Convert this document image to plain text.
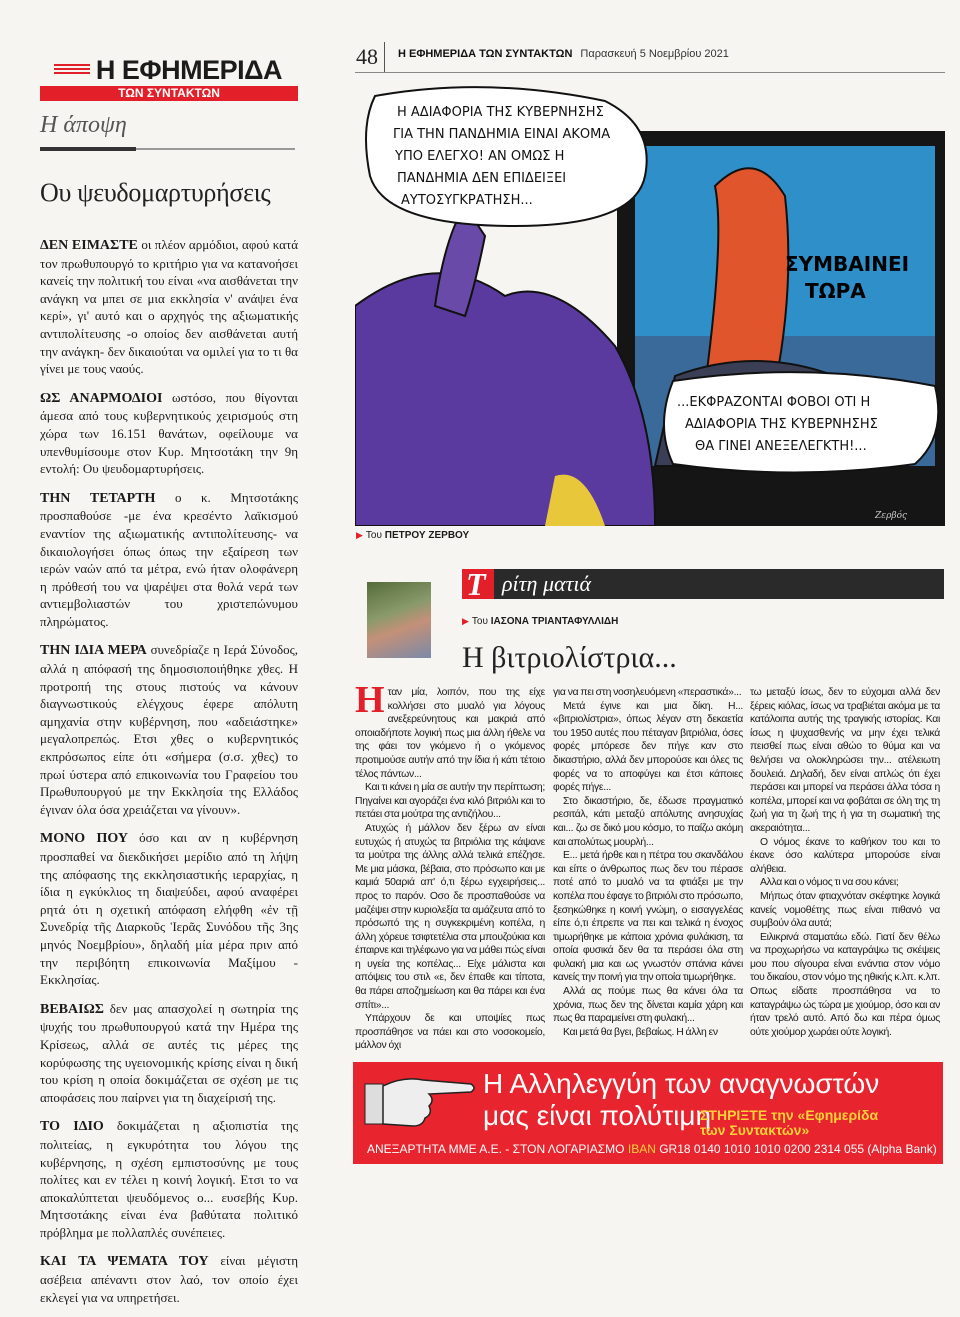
Η ΕΦΗΜΕΡΙΔΑ
ΤΩΝ ΣΥΝΤΑΚΤΩΝ
Η άποψη
Ου ψευδομαρτυρήσεις

ΔΕΝ ΕΙΜΑΣΤΕ οι πλέον αρμόδιοι, αφού κατά τον πρωθυπουργό το κριτήριο για να κατανοήσει κανείς την πολιτική του είναι «να αισθάνεται την ανάγκη να μπει σε μια εκκλησία ν' ανάψει ένα κερί», γι' αυτό και ο αρχηγός της αξιωματικής αντιπολίτευσης -ο οποίος δεν αισθάνεται αυτή την ανάγκη- δεν δικαιούται να ομιλεί για το τι θα γίνει με τους ναούς.

ΩΣ ΑΝΑΡΜΟΔΙΟΙ ωστόσο, που θίγονται άμεσα από τους κυβερνητικούς χειρισμούς στη χώρα των 16.151 θανάτων, οφείλουμε να υπενθυμίσουμε στον Κυρ. Μητσοτάκη την 9η εντολή: Ου ψευδομαρτυρήσεις.

ΤΗΝ ΤΕΤΑΡΤΗ ο κ. Μητσοτάκης προσπαθούσε -με ένα κρεσέντο λαϊκισμού εναντίον της αξιωματικής αντιπολίτευσης- να δικαιολογήσει όπως όπως την εξαίρεση των ιερών ναών από τα μέτρα, ενώ ήταν ολοφάνερη η πρόθεσή του να ψαρέψει στα θολά νερά των αντιεμβολιαστών του χριστεπώνυμου πληρώματος.

ΤΗΝ ΙΔΙΑ ΜΕΡΑ συνεδρίαζε η Ιερά Σύνοδος, αλλά η απόφασή της δημοσιοποιήθηκε χθες. Η προτροπή της στους πιστούς να κάνουν διαγνωστικούς ελέγχους έφερε απόλυτη αμηχανία στην κυβέρνηση, που «αδειάστηκε» μεγαλοπρεπώς. Ετσι χθες ο κυβερνητικός εκπρόσωπος είπε ότι «σήμερα (σ.σ. χθες) το πρωί ύστερα από επικοινωνία του Γραφείου του Πρωθυπουργού με την Εκκλησία της Ελλάδος έγιναν όλα όσα χρειάζεται να γίνουν».

ΜΟΝΟ ΠΟΥ όσο και αν η κυβέρνηση προσπαθεί να διεκδικήσει μερίδιο από τη λήψη της απόφασης της εκκλησιαστικής ιεραρχίας, η ίδια η εγκύκλιος τη διαψεύδει, αφού αναφέρει ρητά ότι η σχετική απόφαση ελήφθη «ἐν τῇ Συνεδρίᾳ τῆς Διαρκοῦς Ἱερᾶς Συνόδου τῆς 3ης μηνός Νοεμβρίου», δηλαδή μία μέρα πριν από την περιβόητη επικοινωνία Μαξίμου - Εκκλησίας.

ΒΕΒΑΙΩΣ δεν μας απασχολεί η σωτηρία της ψυχής του πρωθυπουργού κατά την Ημέρα της Κρίσεως, αλλά σε αυτές τις μέρες της κορύφωσης της υγειονομικής κρίσης είναι η δική του κρίση η οποία δοκιμάζεται σε σχέση με τις αποφάσεις που παίρνει για τη διαχείρισή της.

ΤΟ ΙΔΙΟ δοκιμάζεται η αξιοπιστία της πολιτείας, η εγκυρότητα του λόγου της κυβέρνησης, η σχέση εμπιστοσύνης με τους πολίτες και εν τέλει η κοινή λογική. Ετσι το να αποκαλύπτεται ψευδόμενος ο... ευσεβής Κυρ. Μητσοτάκης είναι ένα βαθύτατα πολιτικό πρόβλημα με πολλαπλές συνέπειες.

ΚΑΙ ΤΑ ΨΕΜΑΤΑ ΤΟΥ είναι μέγιστη ασέβεια απέναντι στον λαό, τον οποίο έχει εκλεγεί για να υπηρετήσει.

48 Η ΕΦΗΜΕΡΙΔΑ ΤΩΝ ΣΥΝΤΑΚΤΩΝ Παρασκευή 5 Νοεμβρίου 2021
Η ΑΔΙΑΦΟΡΙΑ ΤΗΣ ΚΥΒΕΡΝΗΣΗΣ
ΓΙΑ ΤΗΝ ΠΑΝΔΗΜΙΑ ΕΙΝΑΙ ΑΚΟΜΑ
ΥΠΟ ΕΛΕΓΧΟ! ΑΝ ΟΜΩΣ Η
ΠΑΝΔΗΜΙΑ ΔΕΝ ΕΠΙΔΕΙΞΕΙ
ΑΥΤΟΣΥΓΚΡΑΤΗΣΗ...
ΣΥΜΒΑΙΝΕΙ
ΤΩΡΑ
...ΕΚΦΡΑΖΟΝΤΑΙ ΦΟΒΟΙ ΟΤΙ Η
ΑΔΙΑΦΟΡΙΑ ΤΗΣ ΚΥΒΕΡΝΗΣΗΣ
ΘΑ ΓΙΝΕΙ ΑΝΕΞΕΛΕΓΚΤΗ!...
Ζερβός
▶ Του ΠΕΤΡΟΥ ΖΕΡΒΟΥ
Τ ρίτη ματιά
▶ Του ΙΑΣΟΝΑ ΤΡΙΑΝΤΑΦΥΛΛΙΔΗ
Η βιτριολίστρια...

Ηταν μία, λοιπόν, που της είχε κολλήσει στο μυαλό για λόγους ανεξερεύνητους και μακριά από οποιαδήποτε λογική πως μια άλλη ήθελε να της φάει τον γκόμενο ή ο γκόμενος προτιμούσε αυτήν από την ίδια ή κάτι τέτοιο τέλος πάντων...

Και τι κάνει η μία σε αυτήν την περίπτωση; Πηγαίνει και αγοράζει ένα κιλό βιτριόλι και το πετάει στα μούτρα της αντιζήλου...

Ατυχώς ή μάλλον δεν ξέρω αν είναι ευτυχώς ή ατυχώς τα βιτριόλια της κάψανε τα μούτρα της άλλης αλλά τελικά επέζησε. Με μια μάσκα, βέβαια, στο πρόσωπο και με καμιά 50αριά απ' ό,τι ξέρω εγχειρήσεις... προς το παρόν. Οσο δε προσπαθούσε να μαζέψει στην κυριολεξία τα αμάζευτα από το πρόσωπό της η συγκεκριμένη κοπέλα, η άλλη χόρευε τσιφτετέλια στα μπουζούκια και έπαιρνε και τηλέφωνο για να μάθει πώς είναι η υγεία της κοπέλας... Είχε μάλιστα και απόψεις του στιλ «ε, δεν έπαθε και τίποτα, θα πάρει αποζημείωση και θα πάρει και ένα σπίτι»...

Υπάρχουν δε και υποψίες πως προσπάθησε να πάει και στο νοσοκομείο, μάλλον όχι

για να πει στη νοσηλευόμενη «περαστικά»...

Μετά έγινε και μια δίκη. Η... «βιτριολίστρια», όπως λέγαν στη δεκαετία του 1950 αυτές που πέταγαν βιτριόλια, όσες φορές μπόρεσε δεν πήγε καν στο δικαστήριο, αλλά δεν μπορούσε και όλες τις φορές να το αποφύγει και έτσι κάποιες φορές πήγε...

Στο δικαστήριο, δε, έδωσε πραγματικό ρεσιτάλ, κάτι μεταξύ απόλυτης ανησυχίας και... ζω σε δικό μου κόσμο, το παίζω ακόμη και απολύτως μουρλή...

Ε... μετά ήρθε και η πέτρα του σκανδάλου και είπε ο άνθρωπος πως δεν του πέρασε ποτέ από το μυαλό να τα φτιάξει με την κοπέλα που έφαγε το βιτριόλι στο πρόσωπο, ξεσηκώθηκε η κοινή γνώμη, ο εισαγγελέας είπε ό,τι έπρεπε να πει και τελικά η ένοχος τιμωρήθηκε με κάποια χρόνια φυλάκιση, τα οποία φυσικά δεν θα τα περάσει όλα στη φυλακή μια και ως γνωστόν σπάνια κάνει κανείς την ποινή για την οποία τιμωρήθηκε.

Αλλά ας πούμε πως θα κάνει όλα τα χρόνια, πως δεν της δίνεται καμία χάρη και πως θα παραμείνει στη φυλακή...

Και μετά θα βγει, βεβαίως. Η άλλη εν

τω μεταξύ ίσως, δεν το εύχομαι αλλά δεν ξέρεις κιόλας, ίσως να τραβιέται ακόμα με τα κατάλοιπα αυτής της τραγικής ιστορίας. Και ίσως η ψυχασθενής να μην έχει τελικά πεισθεί πως είναι αθώο το θύμα και να θελήσει να ολοκληρώσει την... ατέλειωτη δουλειά. Δηλαδή, δεν είναι απλώς ότι έχει περάσει και μπορεί να περάσει άλλα τόσα η κοπέλα, μπορεί και να φοβάται σε όλη της τη ζωή για τη ζωή της ή για τη σωματική της ακεραιότητα...

Ο νόμος έκανε το καθήκον του και το έκανε όσο καλύτερα μπορούσε είναι αλήθεια.

Αλλα και ο νόμος τι να σου κάνει;

Μήπως όταν φτιαχνόταν σκέφτηκε λογικά κανείς νομοθέτης πως είναι πιθανό να συμβούν όλα αυτά;

Ειλικρινά σταματάω εδώ. Γιατί δεν θέλω να προχωρήσω να καταγράψω τις σκέψεις μου που σίγουρα είναι ενάντια στον νόμο του δικαίου, στον νόμο της ηθικής κ.λπ. κ.λπ. Οπως είδατε προσπάθησα να το καταγράψω ώς τώρα με χιούμορ, όσο και αν ήταν τρελό αυτό. Από δω και πέρα όμως ούτε χιούμορ χωράει ούτε λογική.

Η Αλληλεγγύη των αναγνωστών
μας είναι πολύτιμη
ΣΤΗΡΙΞΤΕ την «Εφημερίδα
των Συντακτών»
ΑΝΕΞΑΡΤΗΤΑ ΜΜΕ Α.Ε. - ΣΤΟΝ ΛΟΓΑΡΙΑΣΜΟ IBAN GR18 0140 1010 1010 0200 2314 055 (Alpha Bank)
